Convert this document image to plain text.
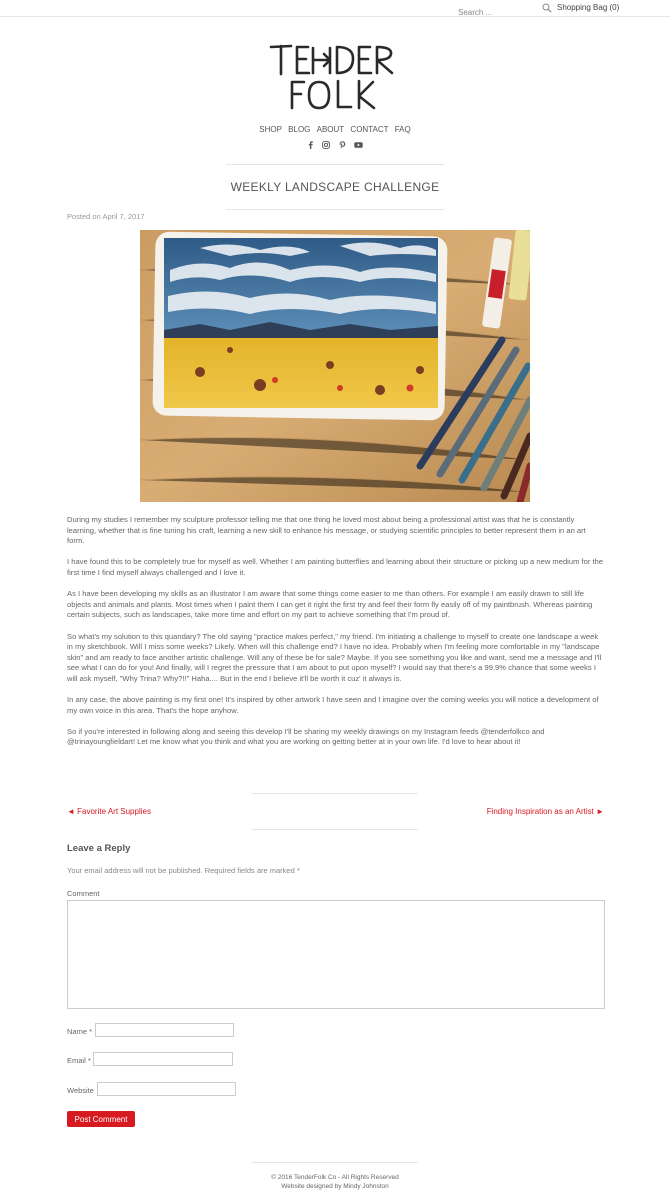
Search ...
Shopping Bag (0)
SHOP BLOG ABOUT CONTACT FAQ

WEEKLY LANDSCAPE CHALLENGE
Posted on April 7, 2017

During my studies I remember my sculpture professor telling me that one thing he loved most about being a professional artist was that he is constantly learning, whether that is fine tuning his craft, learning a new skill to enhance his message, or studying scientific principles to better represent them in an art form.

I have found this to be completely true for myself as well. Whether I am painting butterflies and learning about their structure or picking up a new medium for the first time I find myself always challenged and I love it.

As I have been developing my skills as an illustrator I am aware that some things come easier to me than others. For example I am easily drawn to still life objects and animals and plants. Most times when I paint them I can get it right the first try and feel their form fly easily off of my paintbrush. Whereas painting certain subjects, such as landscapes, take more time and effort on my part to achieve something that I'm proud of.

So what's my solution to this quandary? The old saying "practice makes perfect," my friend. I'm initiating a challenge to myself to create one landscape a week in my sketchbook. Will I miss some weeks? Likely. When will this challenge end? I have no idea. Probably when I'm feeling more comfortable in my "landscape skin" and am ready to face another artistic challenge. Will any of these be for sale? Maybe. If you see something you like and want, send me a message and I'll see what I can do for you! And finally, will I regret the pressure that I am about to put upon myself? I would say that there's a 99.9% chance that some weeks I will ask myself, "Why Trina? Why?!!" Haha.... But in the end I believe it'll be worth it cuz' it always is.

In any case, the above painting is my first one! It's inspired by other artwork I have seen and I imagine over the coming weeks you will notice a development of my own voice in this area. That's the hope anyhow.

So if you're interested in following along and seeing this develop I'll be sharing my weekly drawings on my Instagram feeds @tenderfolkco and @trinayoungfieldart! Let me know what you think and what you are working on getting better at in your own life. I'd love to hear about it!

◄ Favorite Art Supplies	Finding Inspiration as an Artist ►
Leave a Reply
Your email address will not be published. Required fields are marked *
Comment
Name *
Email *
Website
Post Comment
© 2016 TenderFolk Co - All Rights Reserved
Website designed by Mindy Johnston
